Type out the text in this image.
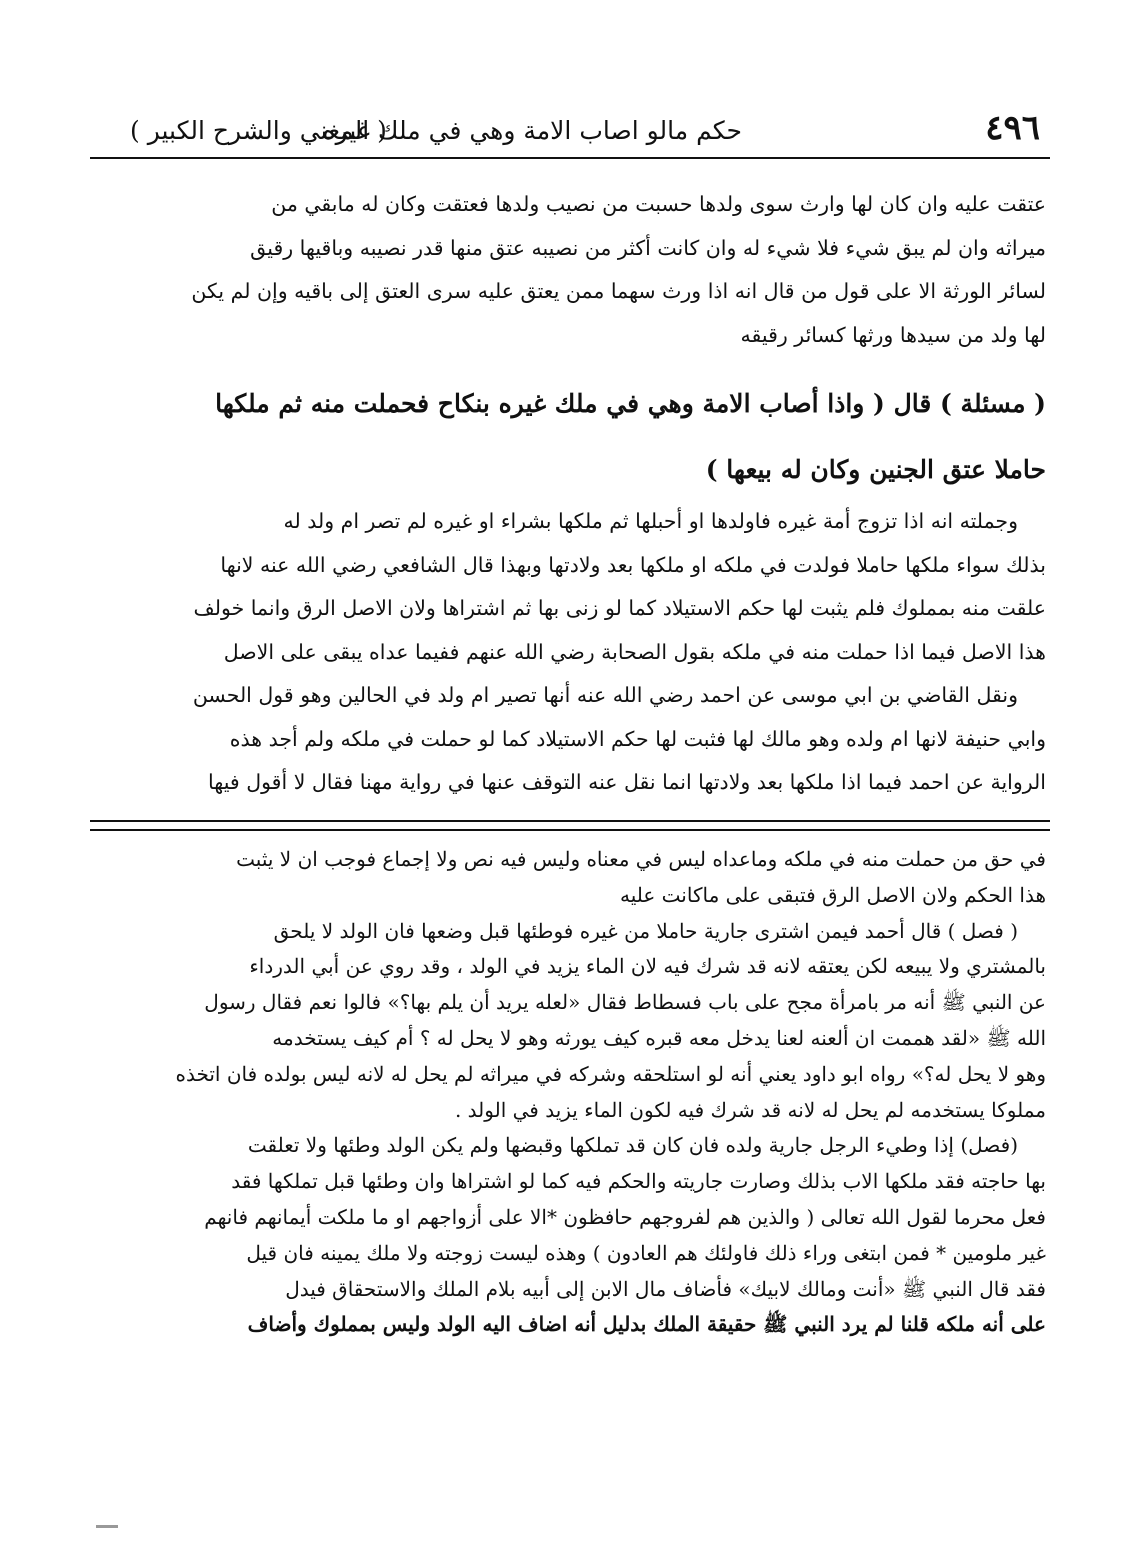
٤٩٦
حكم مالو اصاب الامة وهي في ملك غيره
( المغني والشرح الكبير )

عتقت عليه وان كان لها وارث سوى ولدها حسبت من نصيب ولدها فعتقت وكان له مابقي من

ميراثه وان لم يبق شيء فلا شيء له وان كانت أكثر من نصيبه عتق منها قدر نصيبه وباقيها رقيق

لسائر الورثة الا على قول من قال انه اذا ورث سهما ممن يعتق عليه سرى العتق إلى باقيه وإن لم يكن

لها ولد من سيدها ورثها كسائر رقيقه

( مسئلة ) قال ( واذا أصاب الامة وهي في ملك غيره بنكاح فحملت منه ثم ملكها

حاملا عتق الجنين وكان له بيعها )

وجملته انه اذا تزوج أمة غيره فاولدها او أحبلها ثم ملكها بشراء او غيره لم تصر ام ولد له

بذلك سواء ملكها حاملا فولدت في ملكه او ملكها بعد ولادتها وبهذا قال الشافعي رضي الله عنه لانها

علقت منه بمملوك فلم يثبت لها حكم الاستيلاد كما لو زنى بها ثم اشتراها ولان الاصل الرق وانما خولف

هذا الاصل فيما اذا حملت منه في ملكه بقول الصحابة رضي الله عنهم ففيما عداه يبقى على الاصل

ونقل القاضي بن ابي موسى عن احمد رضي الله عنه أنها تصير ام ولد في الحالين وهو قول الحسن

وابي حنيفة لانها ام ولده وهو مالك لها فثبت لها حكم الاستيلاد كما لو حملت في ملكه ولم أجد هذه

الرواية عن احمد فيما اذا ملكها بعد ولادتها انما نقل عنه التوقف عنها في رواية مهنا فقال لا أقول فيها

في حق من حملت منه في ملكه وماعداه ليس في معناه وليس فيه نص ولا إجماع فوجب ان لا يثبت

هذا الحكم ولان الاصل الرق فتبقى على ماكانت عليه

( فصل ) قال أحمد فيمن اشترى جارية حاملا من غيره فوطئها قبل وضعها فان الولد لا يلحق

بالمشتري ولا يبيعه لكن يعتقه لانه قد شرك فيه لان الماء يزيد في الولد ، وقد روي عن أبي الدرداء

عن النبي ﷺ أنه مر بامرأة مجح على باب فسطاط فقال «لعله يريد أن يلم بها؟» فالوا نعم فقال رسول

الله ﷺ «لقد هممت ان ألعنه لعنا يدخل معه قبره كيف يورثه وهو لا يحل له ؟ أم كيف يستخدمه

وهو لا يحل له؟» رواه ابو داود يعني أنه لو استلحقه وشركه في ميراثه لم يحل له لانه ليس بولده فان اتخذه

مملوكا يستخدمه لم يحل له لانه قد شرك فيه لكون الماء يزيد في الولد .

(فصل) إذا وطيء الرجل جارية ولده فان كان قد تملكها وقبضها ولم يكن الولد وطئها ولا تعلقت

بها حاجته فقد ملكها الاب بذلك وصارت جاريته والحكم فيه كما لو اشتراها وان وطئها قبل تملكها فقد

فعل محرما لقول الله تعالى ( والذين هم لفروجهم حافظون *الا على أزواجهم او ما ملكت أيمانهم فانهم

غير ملومين * فمن ابتغى وراء ذلك فاولئك هم العادون ) وهذه ليست زوجته ولا ملك يمينه فان قيل

فقد قال النبي ﷺ «أنت ومالك لابيك» فأضاف مال الابن إلى أبيه بلام الملك والاستحقاق فيدل

على أنه ملكه قلنا لم يرد النبي ﷺ حقيقة الملك بدليل أنه اضاف اليه الولد وليس بمملوك وأضاف
